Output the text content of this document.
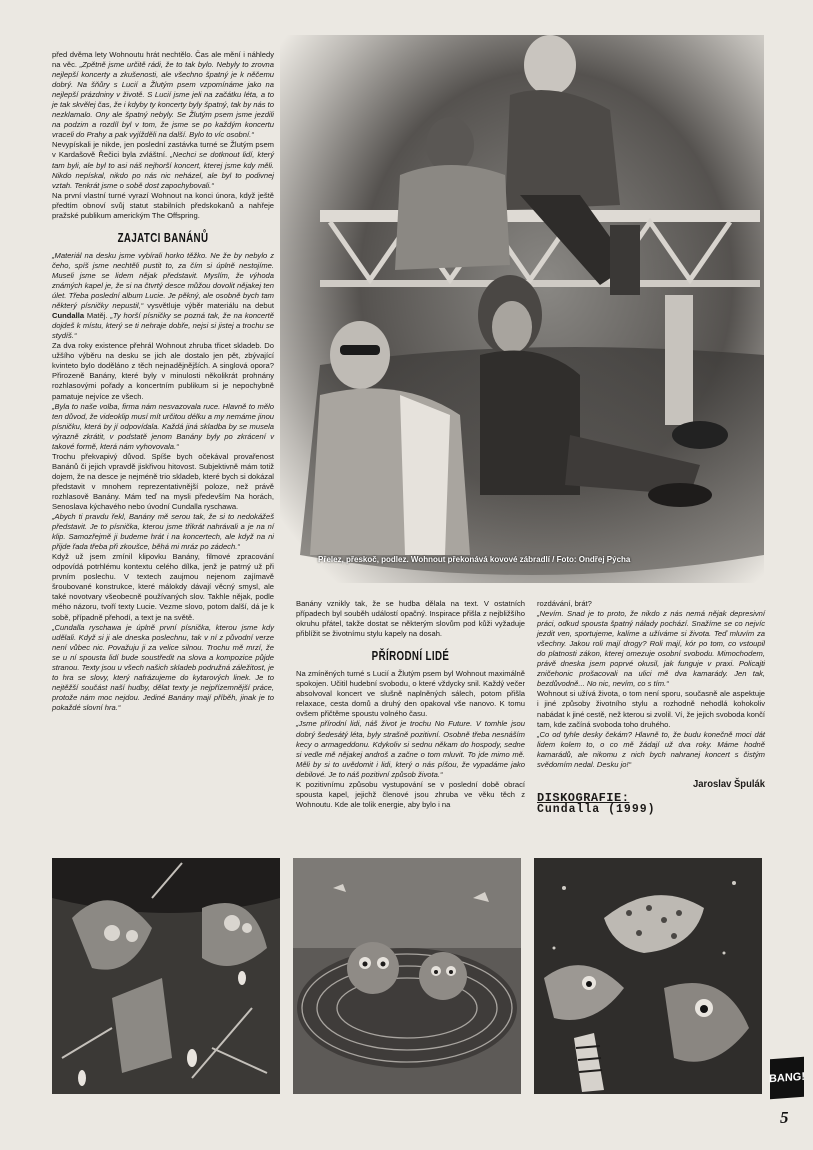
před dvěma lety Wohnoutu hrát nechtělo. Čas ale mění i náhledy na věc. „Zpětně jsme určitě rádi, že to tak bylo. Nebyly to zrovna nejlepší koncerty a zkušenosti, ale všechno špatný je k něčemu dobrý. Na šňůry s Lucií a Žlutým psem vzpomínáme jako na nejlepší prázdniny v životě. S Lucií jsme jeli na začátku léta, a to je tak skvělej čas, že i kdyby ty koncerty byly špatný, tak by nás to nezklamalo. Ony ale špatný nebyly. Se Žlutým psem jsme jezdili na podzim a rozdíl byl v tom, že jsme se po každým koncertu vraceli do Prahy a pak vyjížděli na další. Bylo to víc osobní.“

Nevypískali je nikde, jen poslední zastávka turné se Žlutým psem v Kardašově Řečici byla zvláštní. „Nechci se dotknout lidí, který tam byli, ale byl to asi náš nejhorší koncert, kterej jsme kdy měli. Nikdo nepískal, nikdo po nás nic neházel, ale byl to podivnej vztah. Tenkrát jsme o sobě dost zapochybovali.“

Na první vlastní turné vyrazí Wohnout na konci února, když ještě předtím obnoví svůj statut stabilních předskokanů a nahřeje pražské publikum americkým The Offspring.

ZAJATCI BANÁNŮ

„Materiál na desku jsme vybírali horko těžko. Ne že by nebylo z čeho, spíš jsme nechtěli pustit to, za čím si úplně nestojíme. Museli jsme se lidem nějak představit. Myslím, že výhoda známých kapel je, že si na čtvrtý desce můžou dovolit nějakej ten úlet. Třeba poslední album Lucie. Je pěkný, ale osobně bych tam některý písničky nepustil,“ vysvětluje výběr materiálu na debut Cundalla Matěj. „Ty horší písničky se pozná tak, že na koncertě dojdeš k místu, který se ti nehraje dobře, nejsi si jistej a trochu se stydíš.“

Za dva roky existence přehrál Wohnout zhruba třicet skladeb. Do užšího výběru na desku se jich ale dostalo jen pět, zbývající kvinteto bylo doděláno z těch nejnadějnějších. A singlová opora? Přirozeně Banány, které byly v minulosti několikrát prohnány rozhlasovými pořady a koncertním publikum si je nepochybně pamatuje nejvíce ze všech.

„Byla to naše volba, firma nám nesvazovala ruce. Hlavně to mělo ten důvod, že videoklip musí mít určitou délku a my nemáme jinou písničku, která by jí odpovídala. Každá jiná skladba by se musela výrazně zkrátit, v podstatě jenom Banány byly po zkrácení v takové formě, která nám vyhovovala.“

Trochu překvapivý důvod. Spíše bych očekával provařenost Banánů či jejich vpravdě jiskřivou hitovost. Subjektivně mám totiž dojem, že na desce je nejméně trio skladeb, které bych si dokázal představit v mnohem reprezentativnější poloze, než právě rozhlasově Banány. Mám teď na mysli především Na horách, Senoslava kýchavého nebo úvodní Cundalla ryschawa.

„Abych ti pravdu řekl, Banány mě serou tak, že si to nedokážeš představit. Je to písnička, kterou jsme třikrát nahrávali a je na ní klip. Samozřejmě ji budeme hrát i na koncertech, ale když na ni přijde řada třeba při zkoušce, běhá mi mráz po zádech.“

Když už jsem zmínil klipovku Banány, filmové zpracování odpovídá potrhlému kontextu celého dílka, jenž je patrný už při prvním poslechu. V textech zaujmou nejenom zajímavě šroubované konstrukce, které málokdy dávají věcný smysl, ale také novotvary všeobecně používaných slov. Takhle nějak, podle mého názoru, tvoří texty Lucie. Vezme slovo, potom další, dá je k sobě, případně přehodí, a text je na světě.

„Cundalla ryschawa je úplně první písnička, kterou jsme kdy udělali. Když si ji ale dneska poslechnu, tak v ní z původní verze není vůbec nic. Považuju ji za velice silnou. Trochu mě mrzí, že se u ní spousta lidí bude soustředit na slova a kompozice půjde stranou. Texty jsou u všech našich skladeb podružná záležitost, je to hra se slovy, který nafrázujeme do kytarových linek. Je to nejtěžší součást naší hudby, dělat texty je nejpřízemnější práce, protože nám moc nejdou. Jediné Banány mají příběh, jinak je to pokaždé slovní hra.“

Přelez, přeskoč, podlez. Wohnout překonává kovové zábradlí / Foto: Ondřej Pýcha

Banány vznikly tak, že se hudba dělala na text. V ostatních případech byl souběh událostí opačný. Inspirace přišla z nejbližšího okruhu přátel, takže dostat se některým slovům pod kůži vyžaduje přiblížit se životnímu stylu kapely na dosah.

PŘÍRODNÍ LIDÉ

Na zmíněných turné s Lucií a Žlutým psem byl Wohnout maximálně spokojen. Učitil hudební svobodu, o které vždycky snil. Každý večer absolvoval koncert ve slušně naplněných sálech, potom přišla relaxace, cesta domů a druhý den opakoval vše nanovo. K tomu ovšem přičtěme spoustu volného času.

„Jsme přírodní lidi, náš život je trochu No Future. V tomhle jsou dobrý šedesátý léta, byly strašně pozitivní. Osobně třeba nesnáším kecy o armageddonu. Kdykoliv si sednu někam do hospody, sedne si vedle mě nějakej androš a začne o tom mluvit. To jde mimo mě. Měli by si to uvědomit i lidi, který o nás píšou, že vypadáme jako debilové. Je to náš pozitivní způsob života.“

K pozitivnímu způsobu vystupování se v poslední době obrací spousta kapel, jejichž členové jsou zhruba ve věku těch z Wohnoutu. Kde ale tolik energie, aby bylo i na

rozdávání, brát?

„Nevím. Snad je to proto, že nikdo z nás nemá nějak depresivní práci, odkud spousta špatný nálady pochází. Snažíme se co nejvíc jezdit ven, sportujeme, kalíme a užíváme si života. Teď mluvím za všechny. Jakou roli mají drogy? Roli mají, kór po tom, co vstoupil do platnosti zákon, kterej omezuje osobní svobodu. Mimochodem, právě dneska jsem poprvé okusil, jak funguje v praxi. Policajti zničehonic prošacovali na ulici mě dva kamarády. Jen tak, bezdůvodně... No nic, nevím, co s tím.“

Wohnout si užívá života, o tom není sporu, současně ale aspektuje i jiné způsoby životního stylu a rozhodně nehodlá kohokoliv nabádat k jiné cestě, než kterou si zvolil. Ví, že jejich svoboda končí tam, kde začíná svoboda toho druhého.

„Co od tyhle desky čekám? Hlavně to, že budu konečně moci dát lidem kolem to, o co mě žádají už dva roky. Máme hodně kamarádů, ale nikomu z nich bych nahranej koncert s čistým svědomím nedal. Desku jo!“

Jaroslav Špulák
DISKOGRAFIE:
Cundalla (1999)
BANG!
5
